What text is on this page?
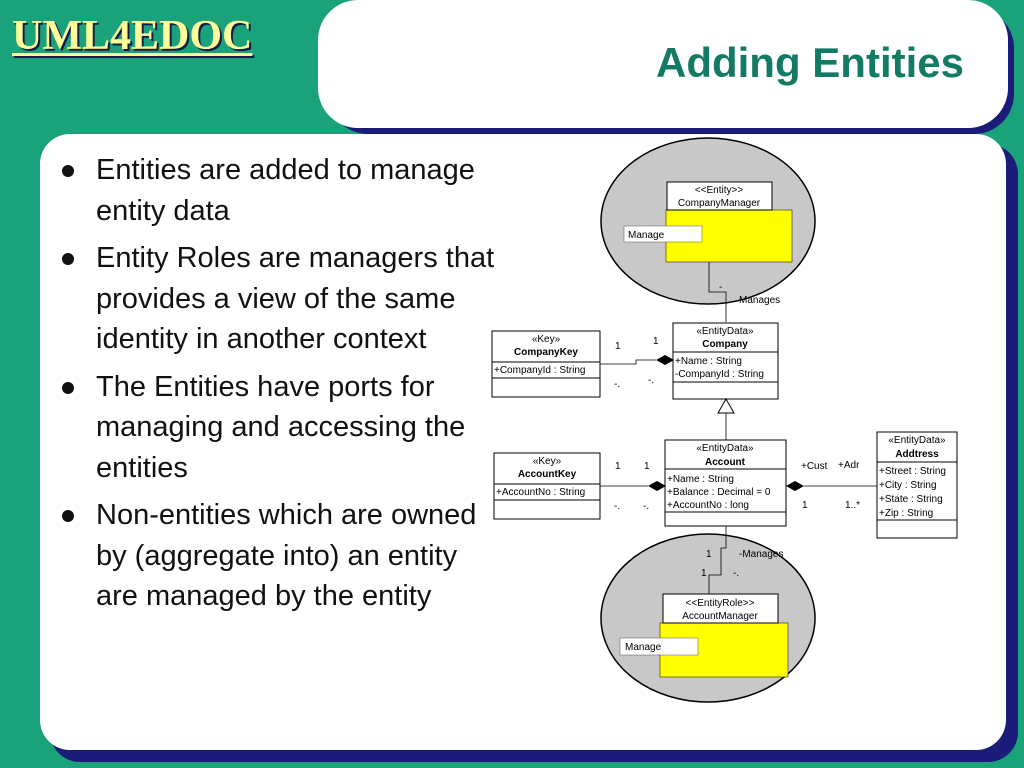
UML4EDOC
Adding Entities
Entities are added to manage entity data
Entity Roles are managers that provides a view of the same identity in another context
The Entities have ports for managing and accessing the entities
Non-entities which are owned by (aggregate into) an entity are managed by the entity
<<Entity>>
CompanyManager
Manage
-
Manages
«Key»
CompanyKey
+CompanyId : String
«EntityData»
Company
+Name : String
-CompanyId : String
1	1
-.	-.
«Key»
AccountKey
+AccountNo : String
«EntityData»
Account
+Name : String
+Balance : Decimal = 0
+AccountNo : long
1 1
-. -.
«EntityData»
Addtress
+Street : String
+City : String
+State : String
+Zip : String
+Cust +Adr
1	1..*
1	-Manages
1	-.
<<EntityRole>>
AccountManager
Manage
